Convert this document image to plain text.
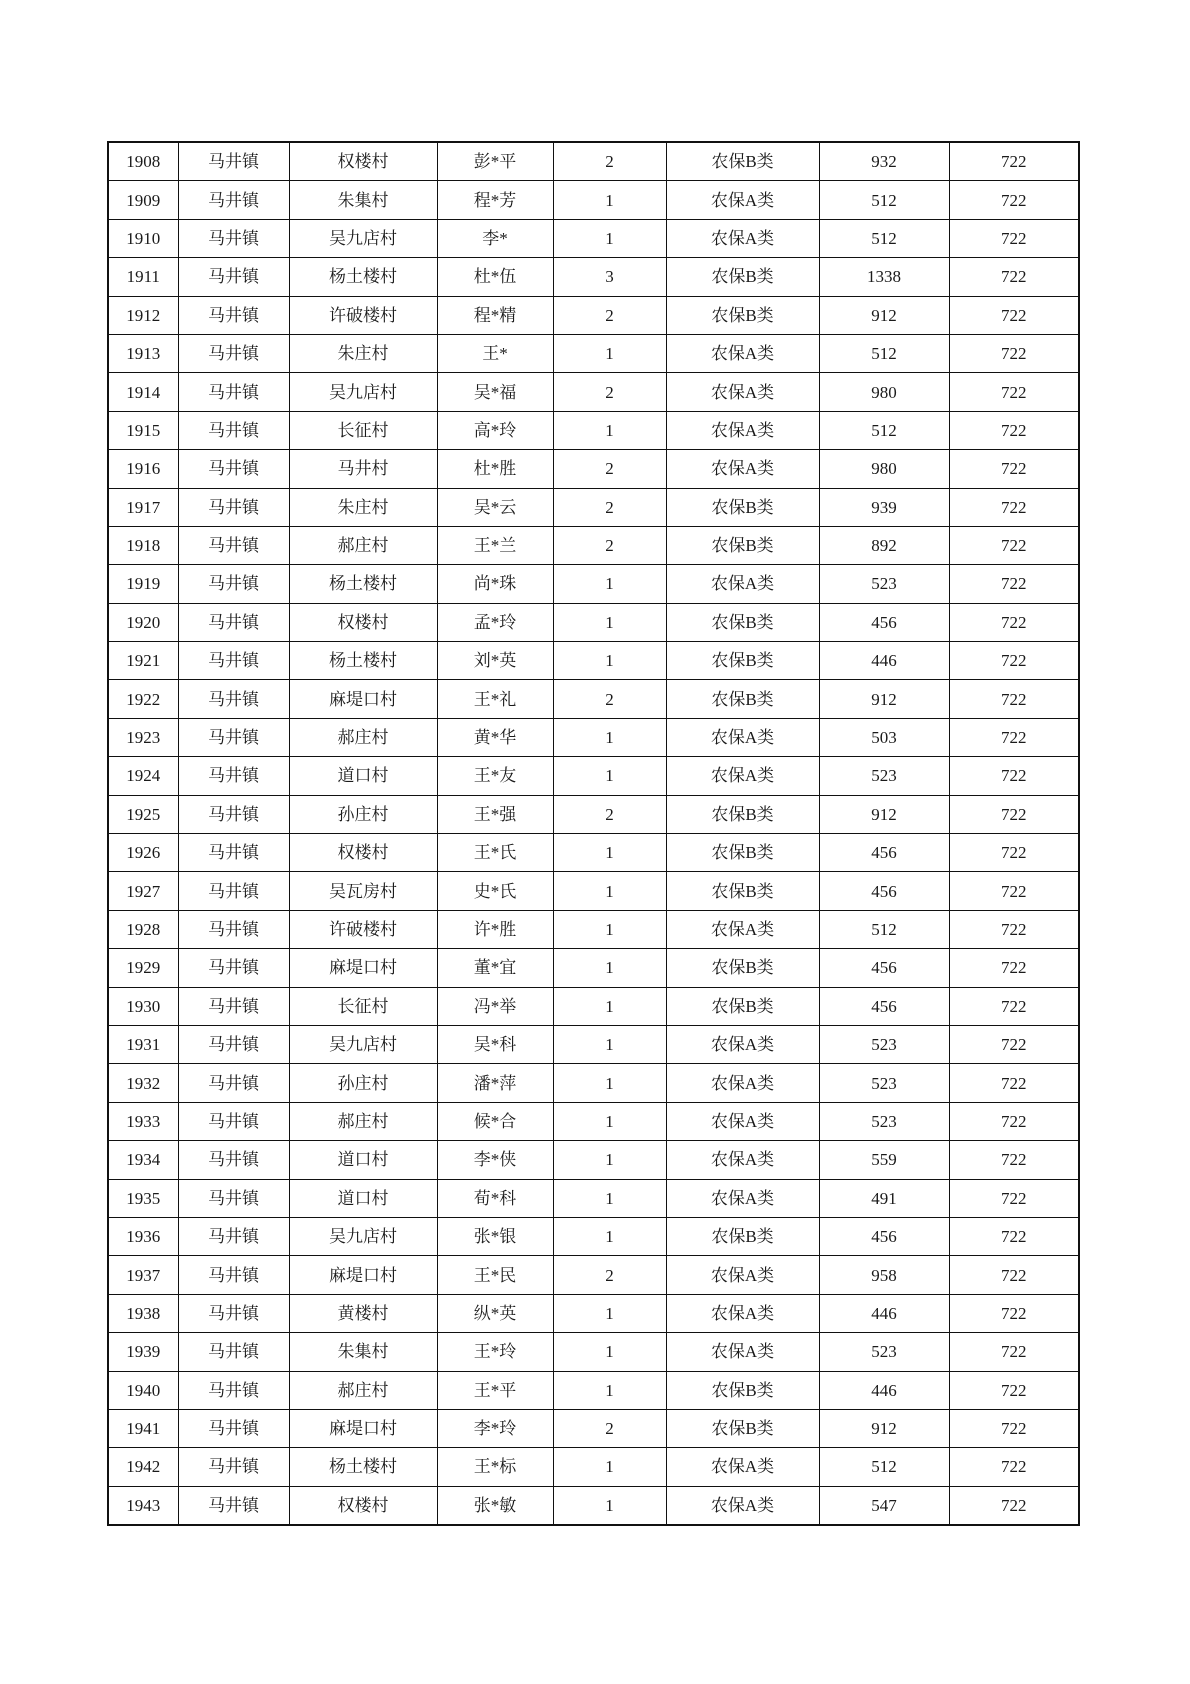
1908	马井镇	权楼村	彭*平	2	农保B类	932	722
1909	马井镇	朱集村	程*芳	1	农保A类	512	722
1910	马井镇	吴九店村	李*	1	农保A类	512	722
1911	马井镇	杨土楼村	杜*伍	3	农保B类	1338	722
1912	马井镇	许破楼村	程*精	2	农保B类	912	722
1913	马井镇	朱庄村	王*	1	农保A类	512	722
1914	马井镇	吴九店村	吴*福	2	农保A类	980	722
1915	马井镇	长征村	高*玲	1	农保A类	512	722
1916	马井镇	马井村	杜*胜	2	农保A类	980	722
1917	马井镇	朱庄村	吴*云	2	农保B类	939	722
1918	马井镇	郝庄村	王*兰	2	农保B类	892	722
1919	马井镇	杨土楼村	尚*珠	1	农保A类	523	722
1920	马井镇	权楼村	孟*玲	1	农保B类	456	722
1921	马井镇	杨土楼村	刘*英	1	农保B类	446	722
1922	马井镇	麻堤口村	王*礼	2	农保B类	912	722
1923	马井镇	郝庄村	黄*华	1	农保A类	503	722
1924	马井镇	道口村	王*友	1	农保A类	523	722
1925	马井镇	孙庄村	王*强	2	农保B类	912	722
1926	马井镇	权楼村	王*氏	1	农保B类	456	722
1927	马井镇	吴瓦房村	史*氏	1	农保B类	456	722
1928	马井镇	许破楼村	许*胜	1	农保A类	512	722
1929	马井镇	麻堤口村	董*宜	1	农保B类	456	722
1930	马井镇	长征村	冯*举	1	农保B类	456	722
1931	马井镇	吴九店村	吴*科	1	农保A类	523	722
1932	马井镇	孙庄村	潘*萍	1	农保A类	523	722
1933	马井镇	郝庄村	候*合	1	农保A类	523	722
1934	马井镇	道口村	李*侠	1	农保A类	559	722
1935	马井镇	道口村	荀*科	1	农保A类	491	722
1936	马井镇	吴九店村	张*银	1	农保B类	456	722
1937	马井镇	麻堤口村	王*民	2	农保A类	958	722
1938	马井镇	黄楼村	纵*英	1	农保A类	446	722
1939	马井镇	朱集村	王*玲	1	农保A类	523	722
1940	马井镇	郝庄村	王*平	1	农保B类	446	722
1941	马井镇	麻堤口村	李*玲	2	农保B类	912	722
1942	马井镇	杨土楼村	王*标	1	农保A类	512	722
1943	马井镇	权楼村	张*敏	1	农保A类	547	722
